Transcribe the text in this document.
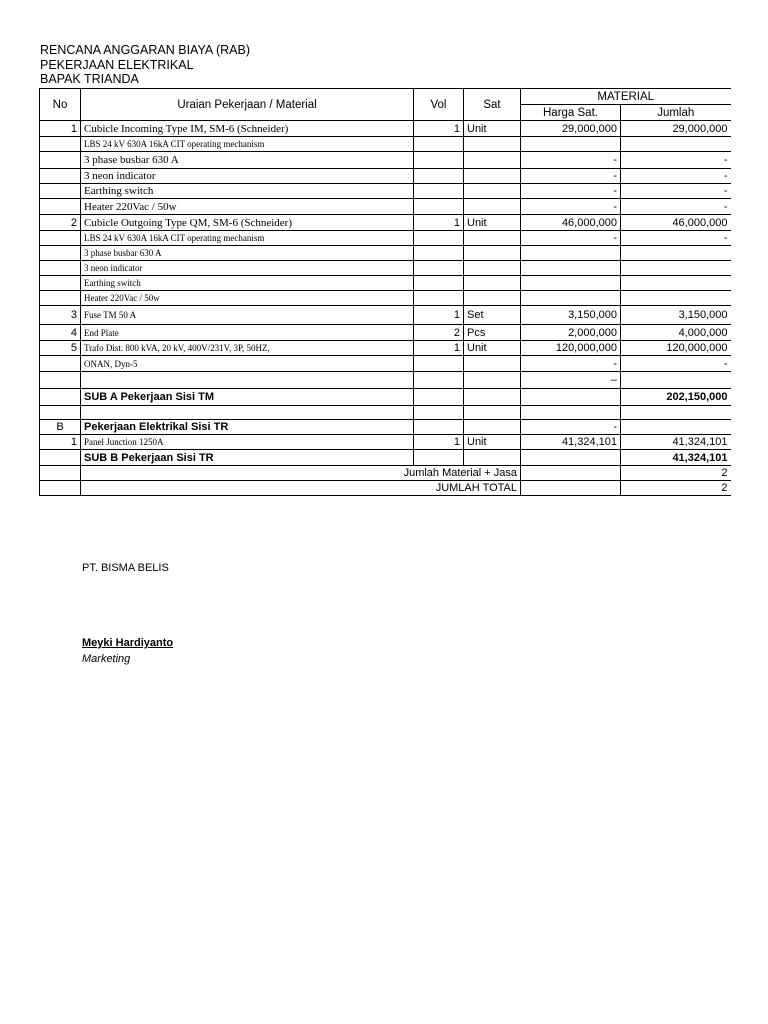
RENCANA ANGGARAN BIAYA (RAB)
PEKERJAAN ELEKTRIKAL
BAPAK TRIANDA
No	Uraian Pekerjaan / Material	Vol	Sat	MATERIAL	
				Harga Sat.	Jumlah
1	Cubicle Incoming Type IM, SM-6 (Schneider)	1	Unit	29,000,000	29,000,000
	LBS 24 kV 630A 16kA CIT operating mechanism				
	3 phase busbar 630 A			-	-
	3 neon indicator			-	-
	Earthing switch			-	-
	Heater 220Vac / 50w			-	-
2	Cubicle Outgoing Type QM, SM-6 (Schneider)	1	Unit	46,000,000	46,000,000
	LBS 24 kV 630A 16kA CIT operating mechanism			-	-
	3 phase busbar 630 A				
	3 neon indicator				
	Earthing switch				
	Heater 220Vac / 50w				
3	Fuse TM 50 A	1	Set	3,150,000	3,150,000
4	End Plate	2	Pcs	2,000,000	4,000,000
5	Trafo Dist. 800 kVA, 20 kV, 400V/231V, 3P, 50HZ,	1	Unit	120,000,000	120,000,000
	ONAN, Dyn-5			-	-
				–	
	SUB A Pekerjaan Sisi TM				202,150,000

B	Pekerjaan Elektrikal Sisi TR			-	
1	Panel Junction 1250A	1	Unit	41,324,101	41,324,101
	SUB B Pekerjaan Sisi TR				41,324,101
	Jumlah Material + Jasa				2
	JUMLAH TOTAL				2
PT. BISMA BELIS
Meyki Hardiyanto
Marketing
